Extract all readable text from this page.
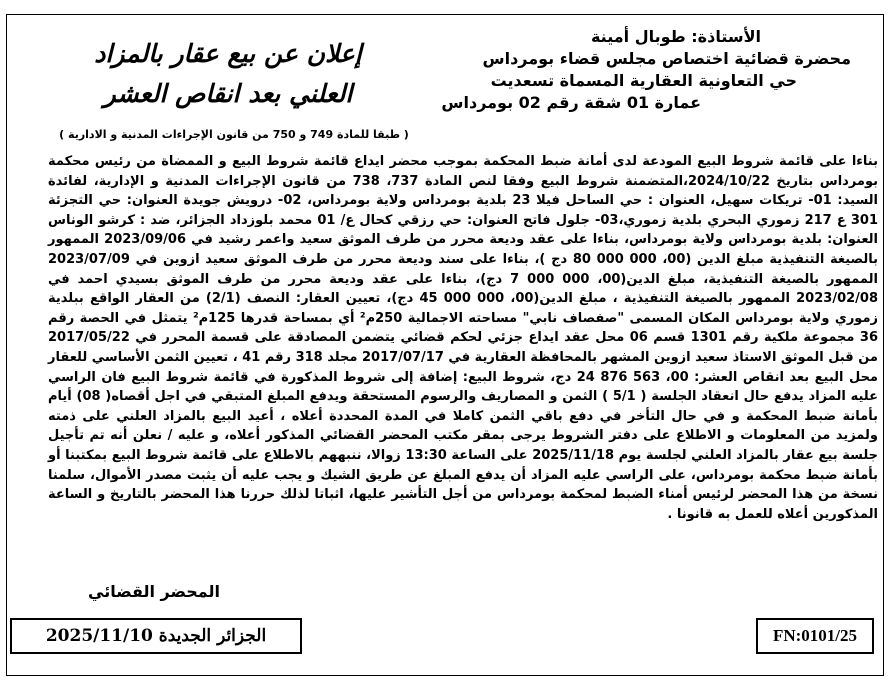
الأستاذة: طوبال أمينة
محضرة قضائية اختصاص مجلس قضاء بومرداس
حي التعاونية العقارية المسماة تسعديت
عمارة 01 شقة رقم 02 بومرداس
إعلان عن بيع عقار بالمزاد
العلني بعد انقاص العشر
( طبقا للمادة 749 و 750 من قانون الإجراءات المدنية و الادارية )

بناءا على قائمة شروط البيع المودعة لدى أمانة ضبط المحكمة بموجب محضر ايداع قائمة شروط البيع و الممضاة من رئيس محكمة بومرداس بتاريخ 2024/10/22،المتضمنة شروط البيع وفقا لنص المادة 737، 738 من قانون الإجراءات المدنية و الإدارية، لفائدة السيد: 01- تريكات سهيل، العنوان : حي الساحل فيلا 23 بلدية بومرداس ولاية بومرداس، 02- درويش جويدة العنوان: حي التجزئة 301 ع 217 زموري البحري بلدية زموري،03- جلول فاتح العنوان: حي رزقي كحال ع/ 01 محمد بلوزداد الجزائر، ضد : كرشو الوناس العنوان: بلدية بومرداس ولاية بومرداس، بناءا على عقد وديعة محرر من طرف الموثق سعيد واعمر رشيد في 2023/09/06 الممهور بالصيغة التنفيذية مبلغ الدين (00، 000 000 80 دج )، بناءا على سند وديعة محرر من طرف الموثق سعيد ازوين في 2023/07/09 الممهور بالصيغة التنفيذية، مبلغ الدين(00، 000 000 7 دج)، بناءا على عقد وديعة محرر من طرف الموثق بسيدي احمد في 2023/02/08 الممهور بالصيغة التنفيذية ، مبلغ الدين(00، 000 000 45 دج)، تعيين العقار: النصف (2/1) من العقار الواقع ببلدية زموري ولاية بومرداس المكان المسمى "صفصاف نابي" مساحته الاجمالية 250م² أي بمساحة قدرها 125م² يتمثل في الحصة رقم 36 مجموعة ملكية رقم 1301 قسم 06 محل عقد ايداع جزئي لحكم قضائي يتضمن المصادقة على قسمة المحرر في 2017/05/22 من قبل الموثق الاستاذ سعيد ازوين المشهر بالمحافظة العقارية في 2017/07/17 مجلد 318 رقم 41 ، تعيين الثمن الأساسي للعقار محل البيع بعد انقاص العشر: 00، 563 876 24 دج، شروط البيع: إضافة إلى شروط المذكورة في قائمة شروط البيع فان الراسي عليه المزاد يدفع حال انعقاد الجلسة ( 5/1 ) الثمن و المصاريف والرسوم المستحقة ويدفع المبلغ المتبقي في اجل أقصاه( 08) أيام بأمانة ضبط المحكمة و في حال التأخر في دفع باقي الثمن كاملا في المدة المحددة أعلاه ، أعيد البيع بالمزاد العلني على ذمته ولمزيد من المعلومات و الاطلاع على دفتر الشروط يرجى بمقر مكتب المحضر القضائي المذكور أعلاه، و عليه / نعلن أنه تم تأجيل جلسة بيع عقار بالمزاد العلني لجلسة يوم 2025/11/18 على الساعة 13:30 زوالا، ننبههم بالاطلاع على قائمة شروط البيع بمكتبنا أو بأمانة ضبط محكمة بومرداس، على الراسي عليه المزاد أن يدفع المبلغ عن طريق الشيك و يجب عليه أن يثبت مصدر الأموال، سلمنا نسخة من هذا المحضر لرئيس أمناء الضبط لمحكمة بومرداس من أجل التأشير عليها، اثباتا لذلك حررنا هذا المحضر بالتاريخ و الساعة المذكورين أعلاه للعمل به قانونا .

المحضر القضائي
الجزائر الجديدة 2025/11/10	FN:0101/25
